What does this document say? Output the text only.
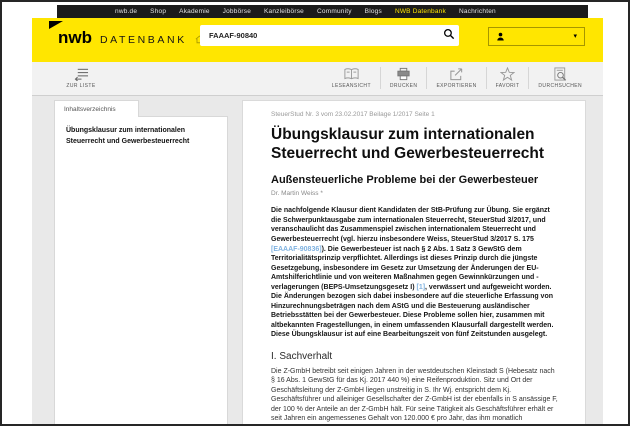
nwb.de Shop Akademie Jobbörse Kanzleibörse Community Blogs NWB Datenbank Nachrichten
nwb DATENBANK
FAAAF-90840	▾
ZUR LISTE	LESEANSICHT	DRUCKEN	EXPORTIEREN	FAVORIT	DURCHSUCHEN
Inhaltsverzeichnis
Übungsklausur zum internationalen Steuerrecht und Gewerbesteuerrecht
SteuerStud Nr. 3 vom 23.02.2017 Beilage 1/2017 Seite 1
Übungsklausur zum internationalen Steuerrecht und Gewerbesteuerrecht
Außensteuerliche Probleme bei der Gewerbesteuer
Dr. Martin Weiss *

Die nachfolgende Klausur dient Kandidaten der StB-Prüfung zur Übung. Sie ergänzt die Schwerpunktausgabe zum internationalen Steuerrecht, SteuerStud 3/2017, und veranschaulicht das Zusammenspiel zwischen internationalem Steuerrecht und Gewerbesteuerrecht (vgl. hierzu insbesondere Weiss, SteuerStud 3/2017 S. 175 [EAAAF-90836]). Die Gewerbesteuer ist nach § 2 Abs. 1 Satz 3 GewStG dem Territorialitätsprinzip verpflichtet. Allerdings ist dieses Prinzip durch die jüngste Gesetzgebung, insbesondere im Gesetz zur Umsetzung der Änderungen der EU-Amtshilferichtlinie und von weiteren Maßnahmen gegen Gewinnkürzungen und -verlagerungen (BEPS-Umsetzungsgesetz I) [1], verwässert und aufgeweicht worden. Die Änderungen bezogen sich dabei insbesondere auf die steuerliche Erfassung von Hinzurechnungsbeträgen nach dem AStG und die Besteuerung ausländischer Betriebsstätten bei der Gewerbesteuer. Diese Probleme sollen hier, zusammen mit altbekannten Fragestellungen, in einem umfassenden Klausurfall dargestellt werden. Diese Übungsklausur ist auf eine Bearbeitungszeit von fünf Zeitstunden ausgelegt.

I. Sachverhalt

Die Z-GmbH betreibt seit einigen Jahren in der westdeutschen Kleinstadt S (Hebesatz nach § 16 Abs. 1 GewStG für das Kj. 2017 440 %) eine Reifenproduktion. Sitz und Ort der Geschäftsleitung der Z-GmbH liegen unstreitig in S. Ihr Wj. entspricht dem Kj. Geschäftsführer und alleiniger Gesellschafter der Z-GmbH ist der ebenfalls in S ansässige F, der 100 % der Anteile an der Z-GmbH hält. Für seine Tätigkeit als Geschäftsführer erhält er seit Jahren ein angemessenes Gehalt von 120.000 € pro Jahr, das ihm monatlich
